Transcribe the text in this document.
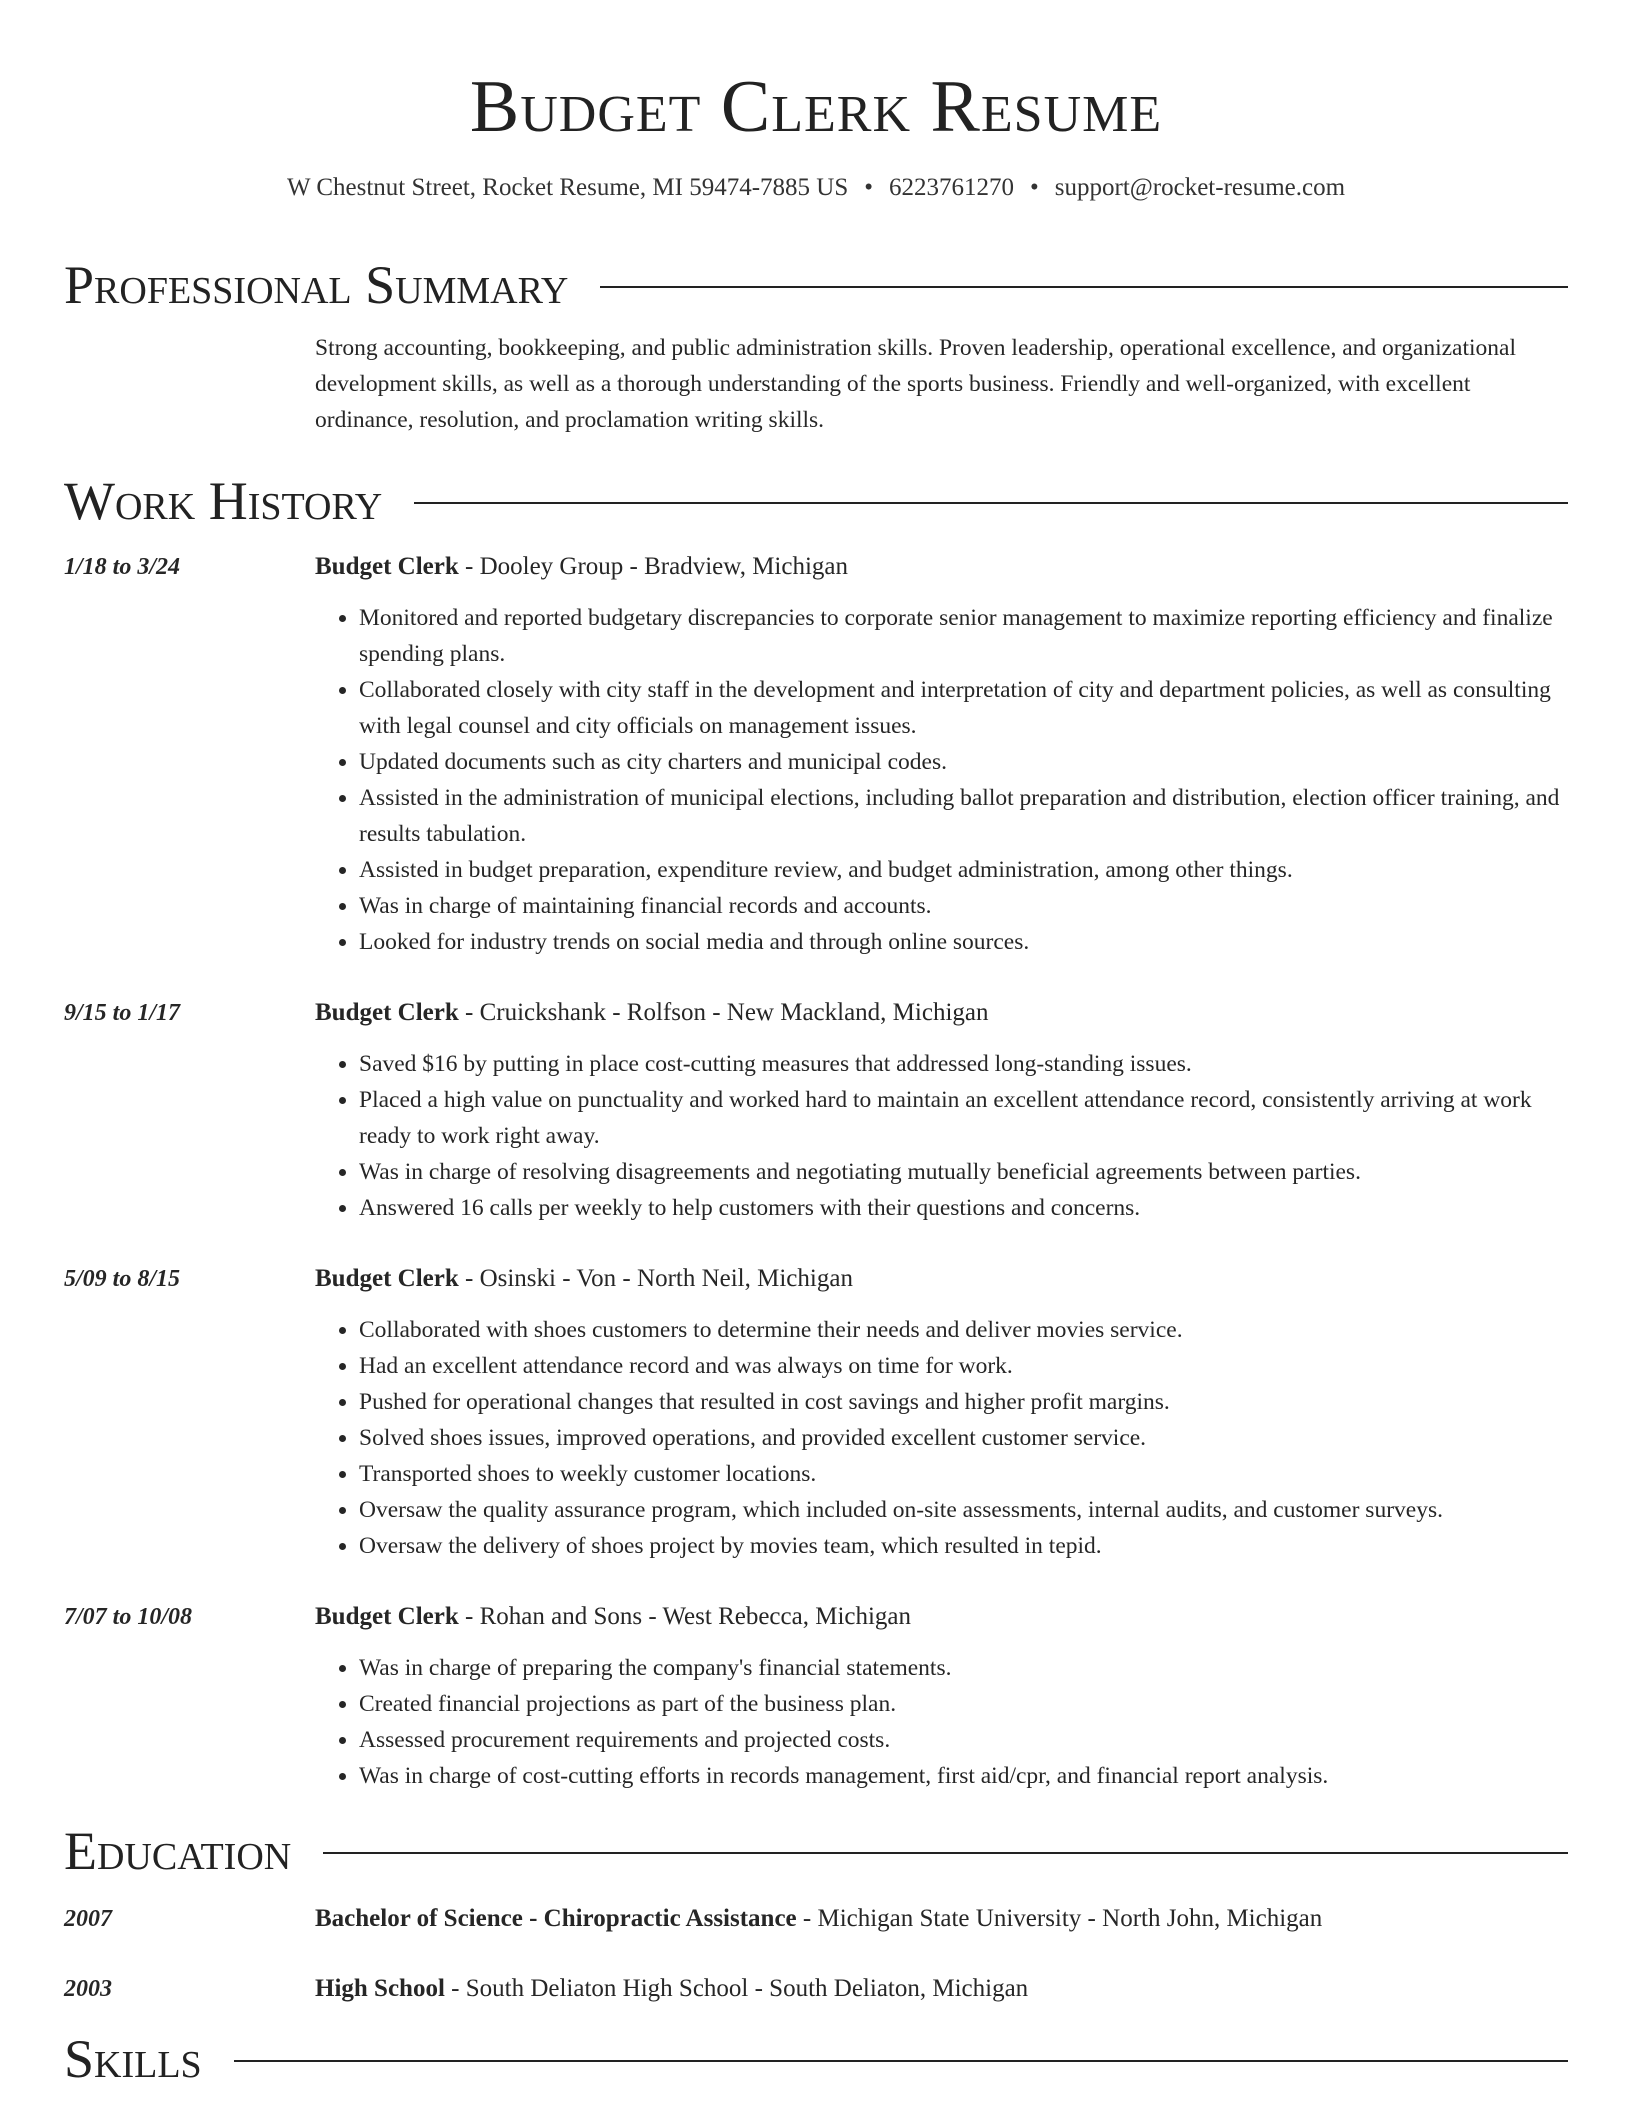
Budget Clerk Resume
W Chestnut Street, Rocket Resume, MI 59474-7885 US • 6223761270 • support@rocket-resume.com
Professional Summary
Strong accounting, bookkeeping, and public administration skills. Proven leadership, operational excellence, and organizational development skills, as well as a thorough understanding of the sports business. Friendly and well-organized, with excellent ordinance, resolution, and proclamation writing skills.
Work History
1/18 to 3/24	Budget Clerk - Dooley Group - Bradview, Michigan
• Monitored and reported budgetary discrepancies to corporate senior management to maximize reporting efficiency and finalize spending plans.
• Collaborated closely with city staff in the development and interpretation of city and department policies, as well as consulting with legal counsel and city officials on management issues.
• Updated documents such as city charters and municipal codes.
• Assisted in the administration of municipal elections, including ballot preparation and distribution, election officer training, and results tabulation.
• Assisted in budget preparation, expenditure review, and budget administration, among other things.
• Was in charge of maintaining financial records and accounts.
• Looked for industry trends on social media and through online sources.
9/15 to 1/17	Budget Clerk - Cruickshank - Rolfson - New Mackland, Michigan
• Saved $16 by putting in place cost-cutting measures that addressed long-standing issues.
• Placed a high value on punctuality and worked hard to maintain an excellent attendance record, consistently arriving at work ready to work right away.
• Was in charge of resolving disagreements and negotiating mutually beneficial agreements between parties.
• Answered 16 calls per weekly to help customers with their questions and concerns.
5/09 to 8/15	Budget Clerk - Osinski - Von - North Neil, Michigan
• Collaborated with shoes customers to determine their needs and deliver movies service.
• Had an excellent attendance record and was always on time for work.
• Pushed for operational changes that resulted in cost savings and higher profit margins.
• Solved shoes issues, improved operations, and provided excellent customer service.
• Transported shoes to weekly customer locations.
• Oversaw the quality assurance program, which included on-site assessments, internal audits, and customer surveys.
• Oversaw the delivery of shoes project by movies team, which resulted in tepid.
7/07 to 10/08	Budget Clerk - Rohan and Sons - West Rebecca, Michigan
• Was in charge of preparing the company's financial statements.
• Created financial projections as part of the business plan.
• Assessed procurement requirements and projected costs.
• Was in charge of cost-cutting efforts in records management, first aid/cpr, and financial report analysis.
Education
2007	Bachelor of Science - Chiropractic Assistance - Michigan State University - North John, Michigan
2003	High School - South Deliaton High School - South Deliaton, Michigan
Skills
